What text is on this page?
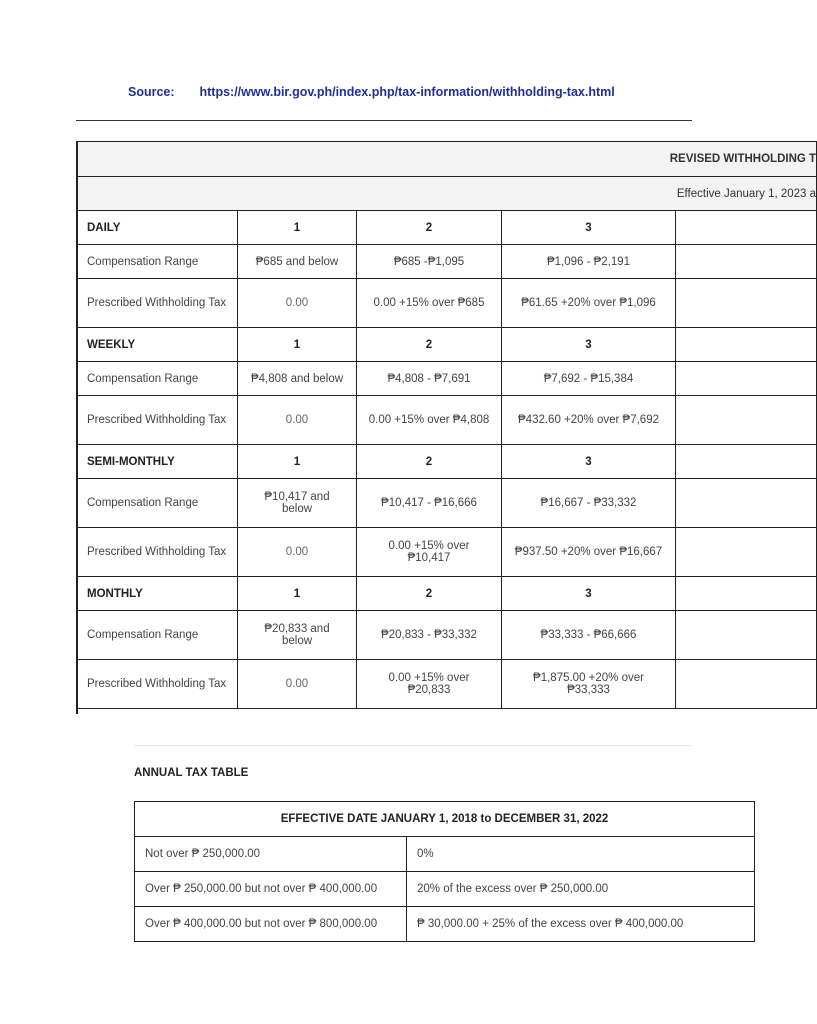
Source: https://www.bir.gov.ph/index.php/tax-information/withholding-tax.html
REVISED WITHHOLDING T				
Effective January 1, 2023 a				
DAILY	1	2	3	
Compensation Range	₱685 and below	₱685 -₱1,095	₱1,096 - ₱2,191	
Prescribed Withholding Tax	0.00	0.00 +15% over ₱685	₱61.65 +20% over ₱1,096	
WEEKLY	1	2	3	
Compensation Range	₱4,808 and below	₱4,808 - ₱7,691	₱7,692 - ₱15,384	
Prescribed Withholding Tax	0.00	0.00 +15% over ₱4,808	₱432.60 +20% over ₱7,692	
SEMI-MONTHLY	1	2	3	
Compensation Range	₱10,417 and below	₱10,417 - ₱16,666	₱16,667 - ₱33,332	
Prescribed Withholding Tax	0.00	0.00 +15% over ₱10,417	₱937.50 +20% over ₱16,667	
MONTHLY	1	2	3	
Compensation Range	₱20,833 and below	₱20,833 - ₱33,332	₱33,333 - ₱66,666	
Prescribed Withholding Tax	0.00	0.00 +15% over ₱20,833	₱1,875.00 +20% over ₱33,333	
ANNUAL TAX TABLE
EFFECTIVE DATE JANUARY 1, 2018 to DECEMBER 31, 2022	
Not over ₱ 250,000.00	0%
Over ₱ 250,000.00 but not over ₱ 400,000.00	20% of the excess over ₱ 250,000.00
Over ₱ 400,000.00 but not over ₱ 800,000.00	₱ 30,000.00 + 25% of the excess over ₱ 400,000.00
